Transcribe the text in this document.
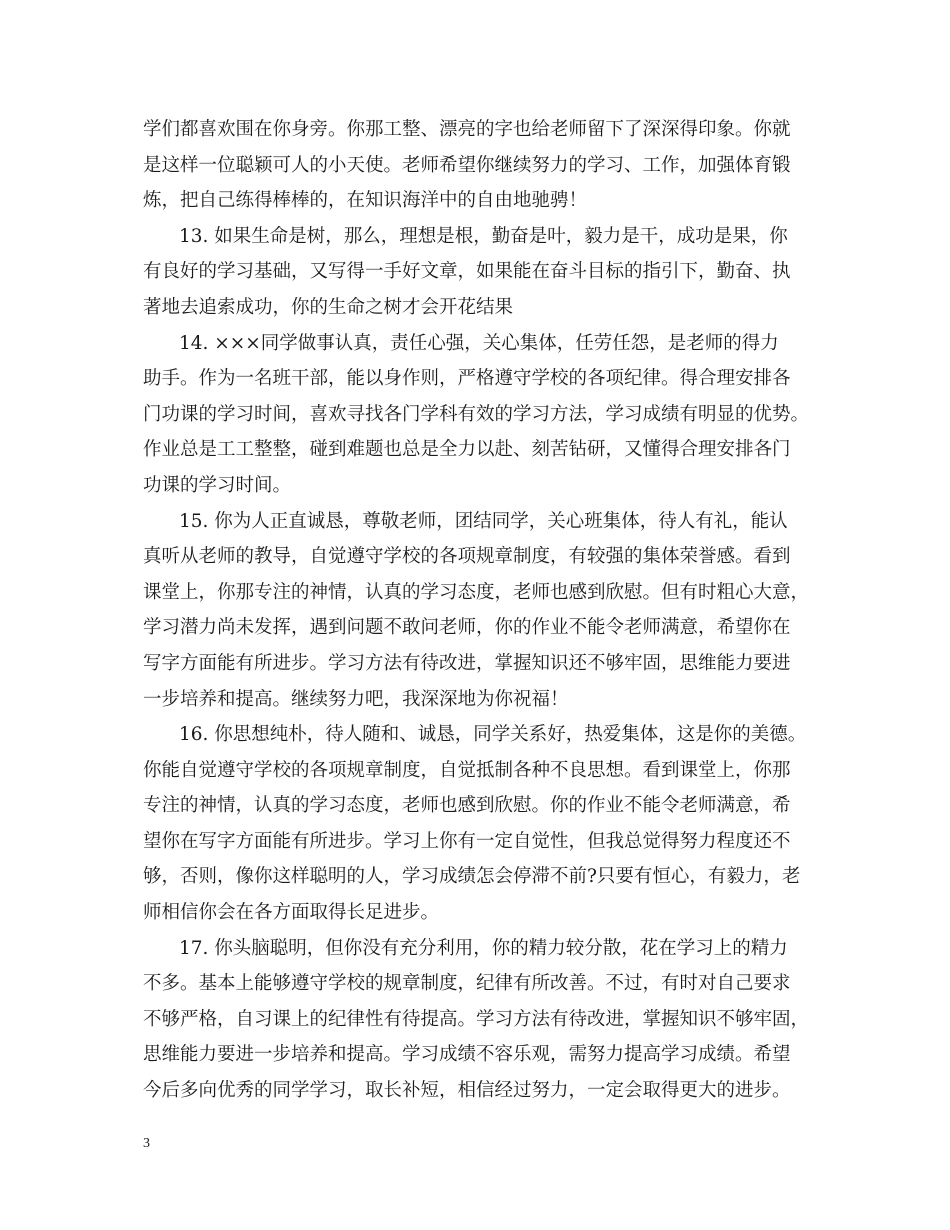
学们都喜欢围在你身旁。你那工整、漂亮的字也给老师留下了深深得印象。你就
是这样一位聪颖可人的小天使。老师希望你继续努力的学习、工作，加强体育锻
炼，把自己练得棒棒的，在知识海洋中的自由地驰骋！
13. 如果生命是树，那么，理想是根，勤奋是叶，毅力是干，成功是果，你
有良好的学习基础，又写得一手好文章，如果能在奋斗目标的指引下，勤奋、执
著地去追索成功，你的生命之树才会开花结果
14. ×××同学做事认真，责任心强，关心集体，任劳任怨，是老师的得力
助手。作为一名班干部，能以身作则，严格遵守学校的各项纪律。得合理安排各
门功课的学习时间，喜欢寻找各门学科有效的学习方法，学习成绩有明显的优势。
作业总是工工整整，碰到难题也总是全力以赴、刻苦钻研，又懂得合理安排各门
功课的学习时间。
15. 你为人正直诚恳，尊敬老师，团结同学，关心班集体，待人有礼，能认
真听从老师的教导，自觉遵守学校的各项规章制度，有较强的集体荣誉感。看到
课堂上，你那专注的神情，认真的学习态度，老师也感到欣慰。但有时粗心大意，
学习潜力尚未发挥，遇到问题不敢问老师，你的作业不能令老师满意，希望你在
写字方面能有所进步。学习方法有待改进，掌握知识还不够牢固，思维能力要进
一步培养和提高。继续努力吧，我深深地为你祝福！
16. 你思想纯朴，待人随和、诚恳，同学关系好，热爱集体，这是你的美德。
你能自觉遵守学校的各项规章制度，自觉抵制各种不良思想。看到课堂上，你那
专注的神情，认真的学习态度，老师也感到欣慰。你的作业不能令老师满意，希
望你在写字方面能有所进步。学习上你有一定自觉性，但我总觉得努力程度还不
够，否则，像你这样聪明的人，学习成绩怎会停滞不前?只要有恒心，有毅力，老
师相信你会在各方面取得长足进步。
17. 你头脑聪明，但你没有充分利用，你的精力较分散，花在学习上的精力
不多。基本上能够遵守学校的规章制度，纪律有所改善。不过，有时对自己要求
不够严格，自习课上的纪律性有待提高。学习方法有待改进，掌握知识不够牢固，
思维能力要进一步培养和提高。学习成绩不容乐观，需努力提高学习成绩。希望
今后多向优秀的同学学习，取长补短，相信经过努力，一定会取得更大的进步。
3
